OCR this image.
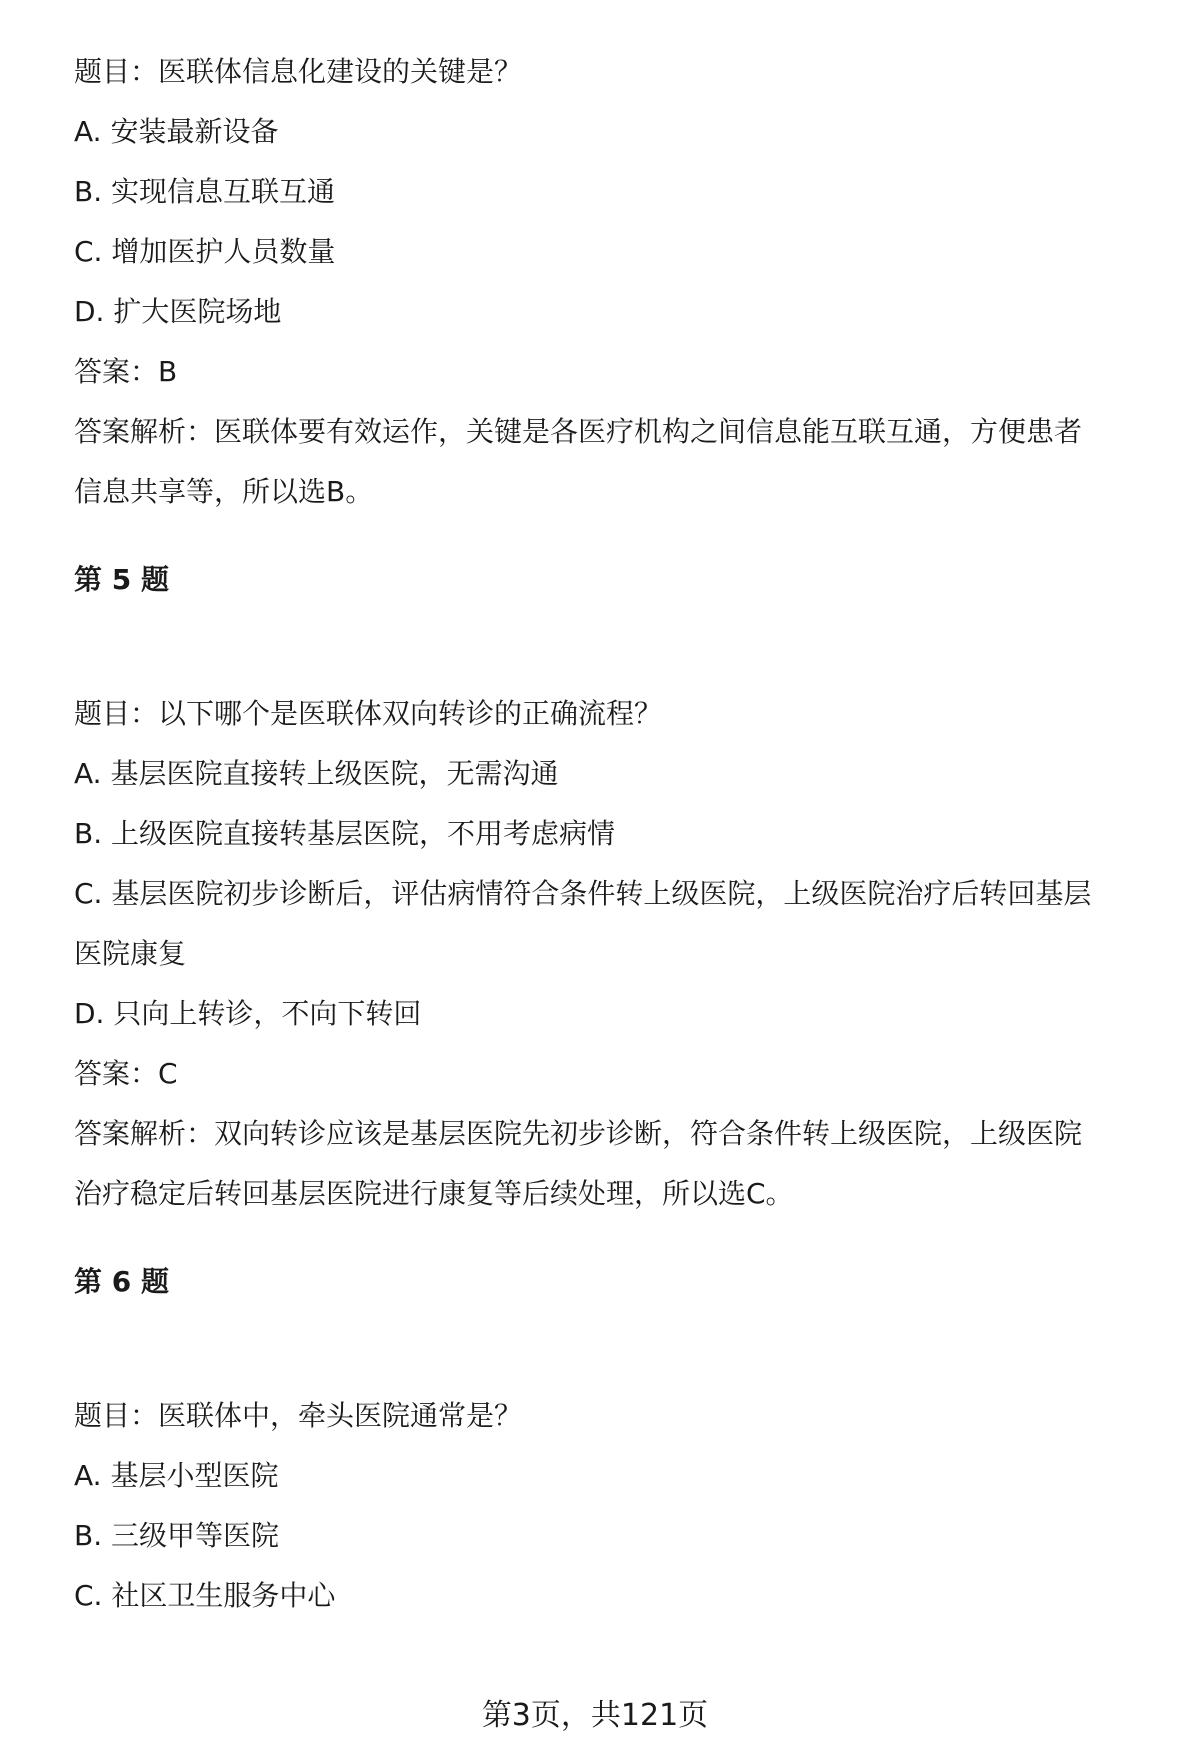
题目：医联体信息化建设的关键是？

A. 安装最新设备

B. 实现信息互联互通

C. 增加医护人员数量

D. 扩大医院场地

答案：B

答案解析：医联体要有效运作，关键是各医疗机构之间信息能互联互通，方便患者

信息共享等，所以选B。

第 5 题

题目：以下哪个是医联体双向转诊的正确流程？

A. 基层医院直接转上级医院，无需沟通

B. 上级医院直接转基层医院，不用考虑病情

C. 基层医院初步诊断后，评估病情符合条件转上级医院，上级医院治疗后转回基层

医院康复

D. 只向上转诊，不向下转回

答案：C

答案解析：双向转诊应该是基层医院先初步诊断，符合条件转上级医院，上级医院

治疗稳定后转回基层医院进行康复等后续处理，所以选C。

第 6 题

题目：医联体中，牵头医院通常是？

A. 基层小型医院

B. 三级甲等医院

C. 社区卫生服务中心

第3页，共121页
